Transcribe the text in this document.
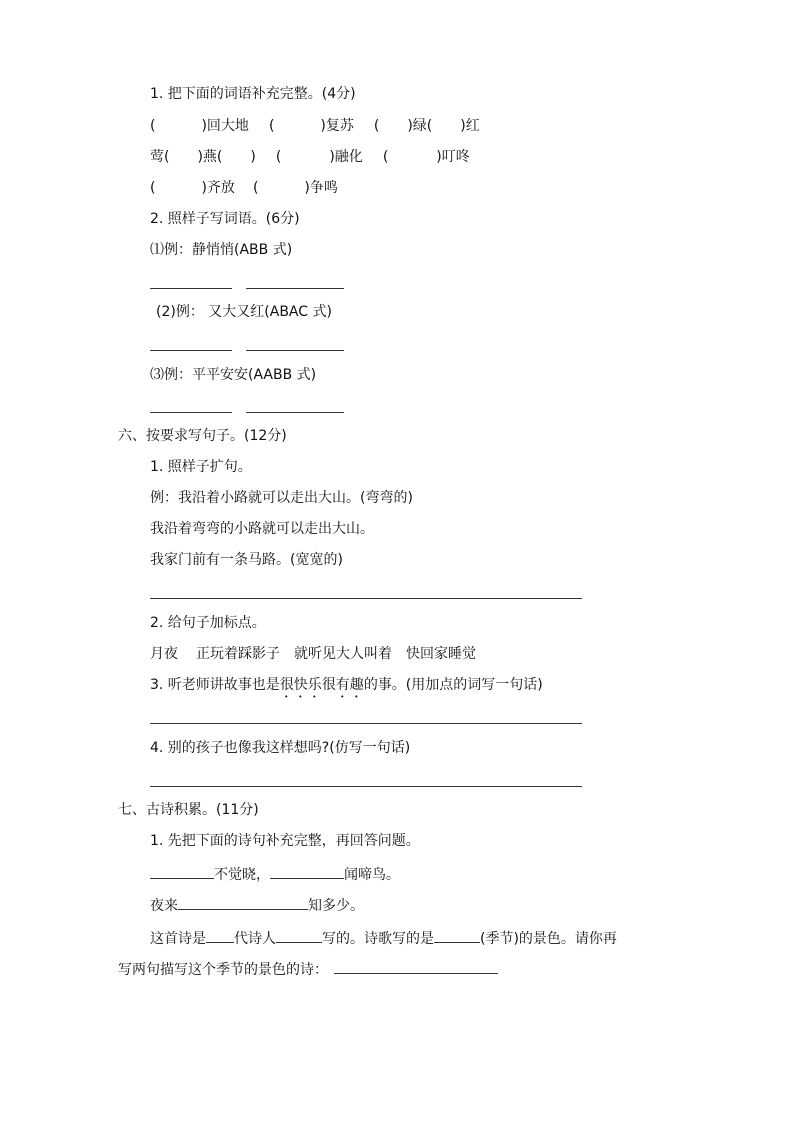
1. 把下面的词语补充完整。(4分)
(	)回大地 (	)复苏 ( )绿( )红
莺( )燕( ) (	)融化 (	)叮咚
(	)齐放 (	)争鸣
2. 照样子写词语。(6分)
⑴例：静悄悄(ABB 式)
(2)例： 又大又红(ABAC 式)
⑶例：平平安安(AABB 式)
六、按要求写句子。(12分)
1. 照样子扩句。
例：我沿着小路就可以走出大山。(弯弯的)
我沿着弯弯的小路就可以走出大山。
我家门前有一条马路。(宽宽的)
2. 给句子加标点。
月夜 正玩着踩影子 就听见大人叫着 快回家睡觉
3. 听老师讲故事也是很快乐很有趣的事。(用加点的词写一句话)
4. 别的孩子也像我这样想吗?(仿写一句话)
七、古诗积累。(11分)
1. 先把下面的诗句补充完整，再回答问题。
不觉晓，	闻啼鸟。
夜来	知多少。
这首诗是 代诗人	写的。诗歌写的是	(季节)的景色。请你再
写两句描写这个季节的景色的诗：
